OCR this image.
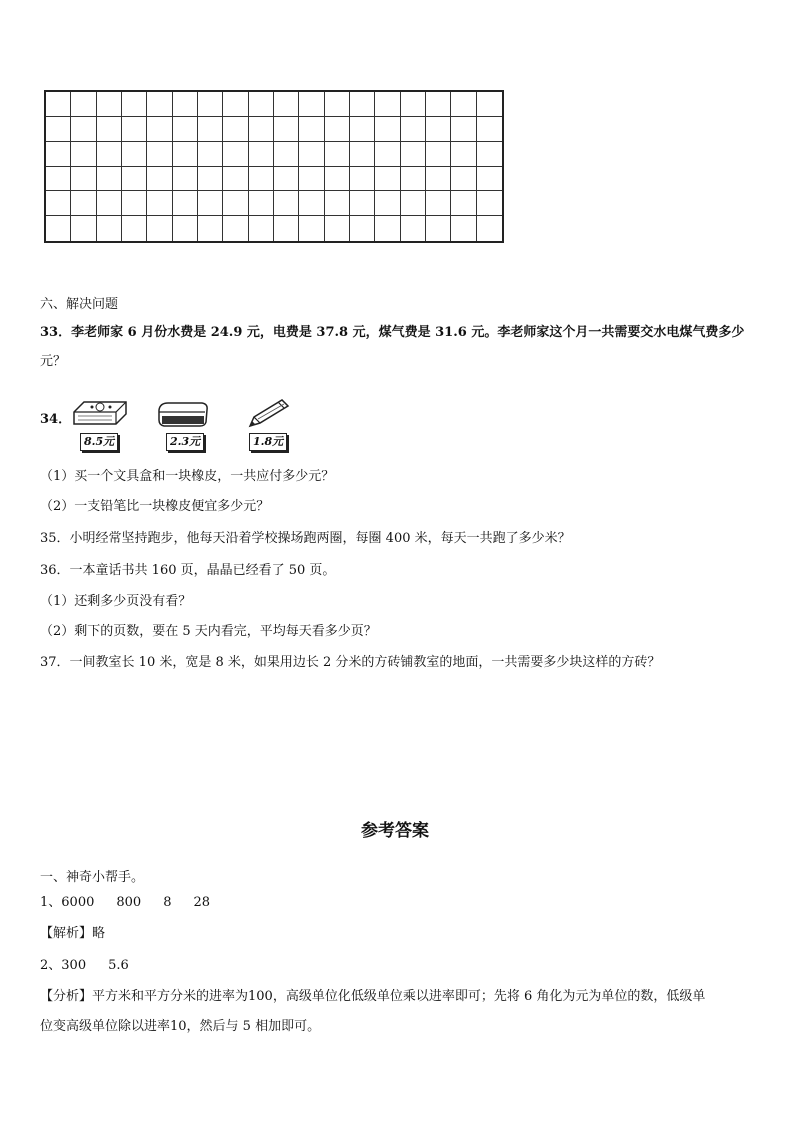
六、解决问题
33．李老师家 6 月份水费是 24.9 元，电费是 37.8 元，煤气费是 31.6 元。李老师家这个月一共需要交水电煤气费多少
元？
34．
8.5元	2.3元	1.8元
（1）买一个文具盒和一块橡皮，一共应付多少元？
（2）一支铅笔比一块橡皮便宜多少元？
35．小明经常坚持跑步，他每天沿着学校操场跑两圈，每圈 400 米，每天一共跑了多少米？
36．一本童话书共 160 页，晶晶已经看了 50 页。
（1）还剩多少页没有看？
（2）剩下的页数，要在 5 天内看完，平均每天看多少页？
37．一间教室长 10 米，宽是 8 米，如果用边长 2 分米的方砖铺教室的地面，一共需要多少块这样的方砖？
参考答案
一、神奇小帮手。
1、6000 800 8 28
【解析】略
2、300 5.6
【分析】平方米和平方分米的进率为100，高级单位化低级单位乘以进率即可；先将 6 角化为元为单位的数，低级单
位变高级单位除以进率10，然后与 5 相加即可。
